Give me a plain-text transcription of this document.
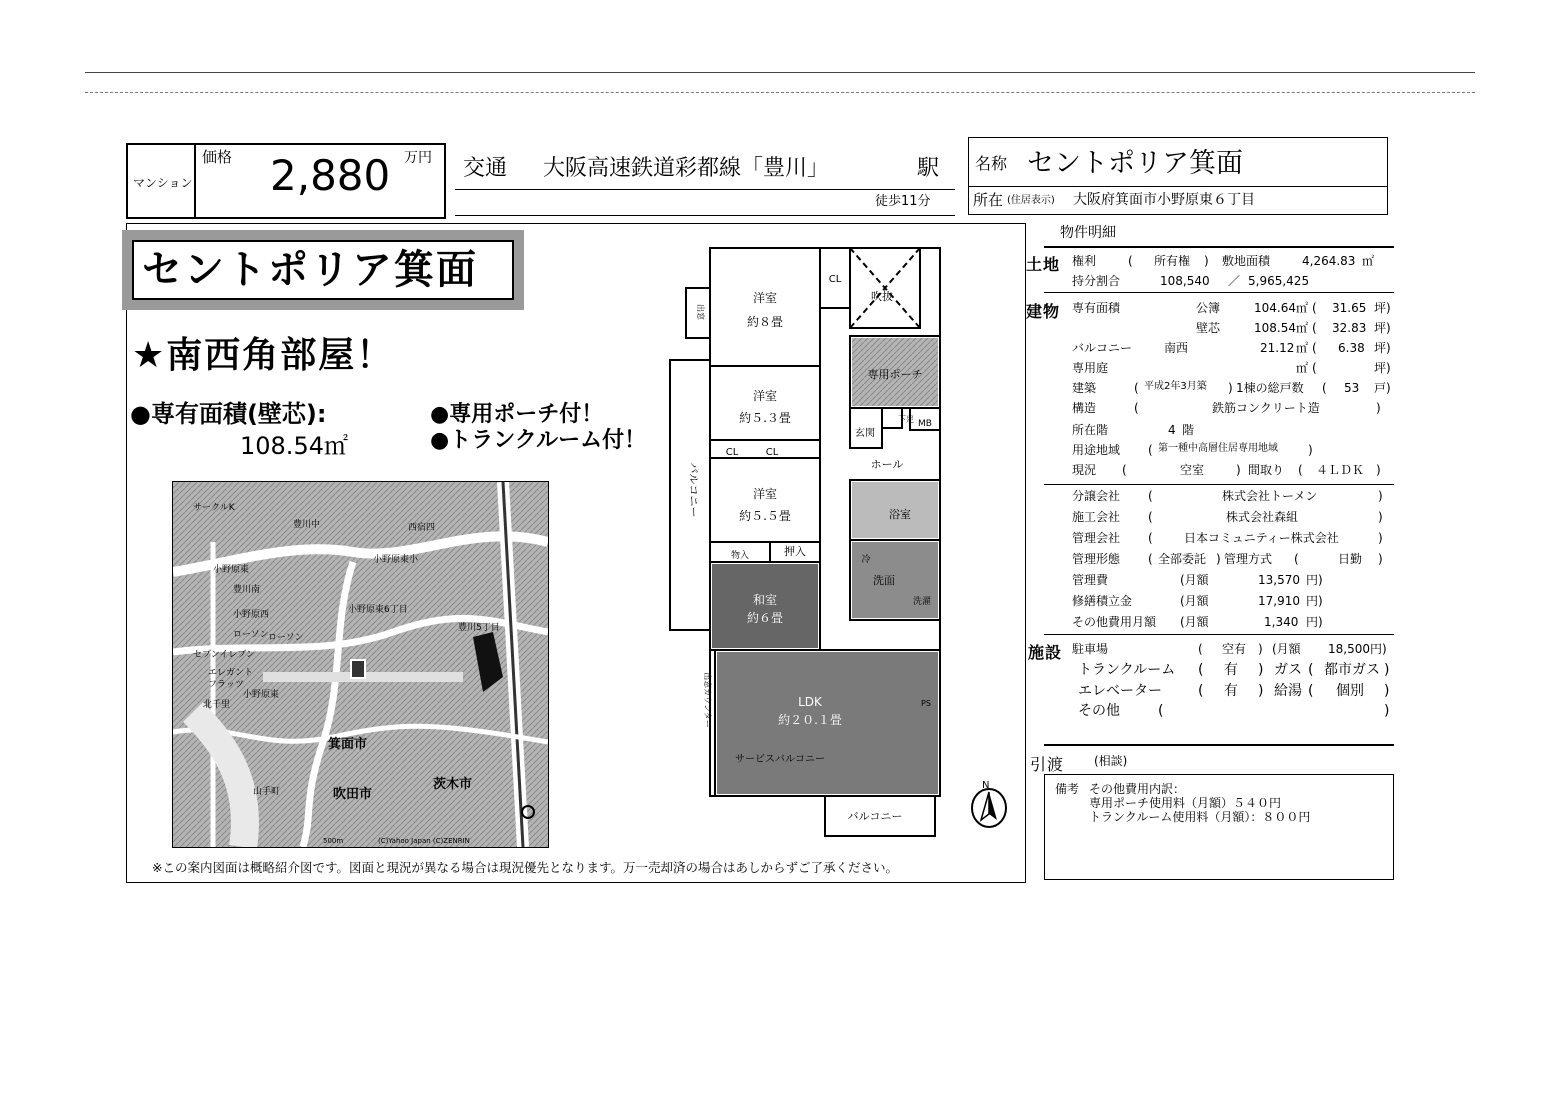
マンション
価格 2,880 万円 交通 大阪高速鉄道彩都線「豊川」	駅
徒歩11分
名称 セントポリア箕面
所在 (住居表示) 大阪府箕面市小野原東６丁目
セントポリア箕面
★南西角部屋！
●専有面積(壁芯):
108.54㎡
●専用ポーチ付！
●トランクルーム付！
サークルK
豊川中
小野原東
小野原東小
西宿四
豊川南
小野原西
ローソン
セブンイレブン
エレガント
フラッツ
小野原東6丁目
豊川5丁目
北千里
小野原東
箕面市
吹田市
茨木市
ローソン
山手町
(C)Yahoo Japan (C)ZENRIN
500m
※この案内図面は概略紹介図です。図面と現況が異なる場合は現況優先となります。万一売却済の場合はあしからずご了承ください。
洋室
約８畳
洋室
約５.３畳
洋室
約５.５畳
和室
約６畳
LDK
約２０.１畳
CL
吹抜
専用ポーチ
玄関
ホール
押入
洗面
浴室
CL	CL
バルコニー
バルコニー
サービスバルコニー
出窓
出窓カウンター
MB
下足
PS
洗濯
物入	冷
N
物件明細
土地 権利	( 所有権 ) 敷地面積	4,264.83 ㎡
持分割合	108,540 ／ 5,965,425
建物 専有面積	公簿	104.64 ㎡ ( 31.65 坪)
壁芯	108.54 ㎡ ( 32.83 坪)
バルコニー	南西	21.12 ㎡ ( 6.38 坪)
専用庭	㎡ (	坪)
建築	( 平成2年3月築 ) 1棟の総戸数 ( 53 戸)
構造	(	鉄筋コンクリート造	)
所在階	4 階
用途地域 ( 第一種中高層住居専用地域	)
現況 (	空室	) 間取り ( ４ＬＤＫ )
分譲会社 (	株式会社トーメン	)
施工会社 (	株式会社森組	)
管理会社 (	日本コミュニティー株式会社	)
管理形態 ( 全部委託 ) 管理方式 (	日勤 )
管理費	(月額	13,570 円)
修繕積立金	(月額	17,910 円)
その他費用月額 (月額	1,340 円)
施設 駐車場	( 空有 ) (月額 18,500 円)
トランクルーム ( 有 ) ガス ( 都市ガス )
エレベーター	( 有 ) 給湯 ( 個別 )
その他	(	)
引渡 (相談)
備考 その他費用内訳：
専用ポーチ使用料（月額）５４０円
トランクルーム使用料（月額）：８００円
